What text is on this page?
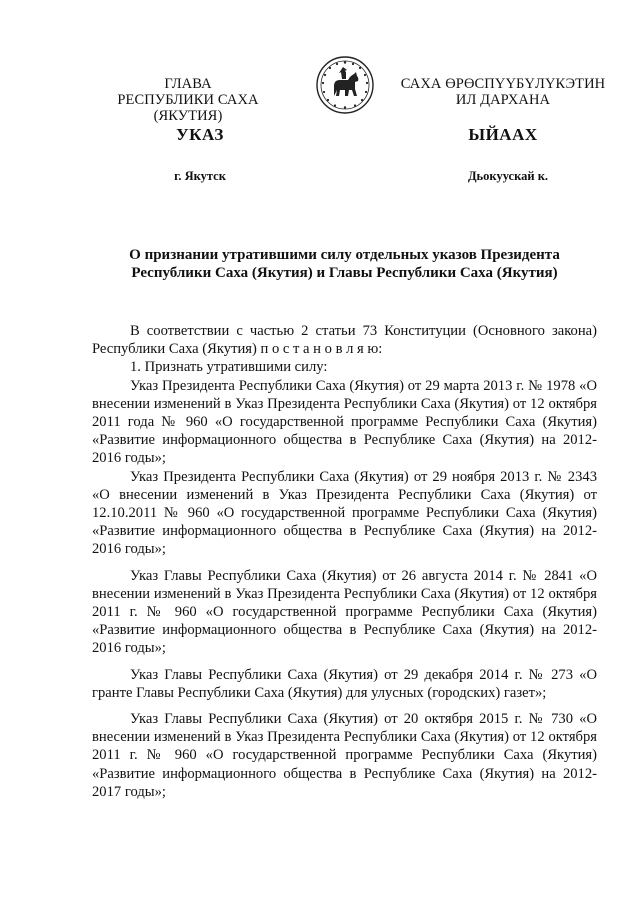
ГЛАВА
РЕСПУБЛИКИ САХА (ЯКУТИЯ)
САХА ӨРӨСПҮҮБҮЛҮКЭТИН
ИЛ ДАРХАНА
УКАЗ	ЫЙААХ
г. Якутск	Дьокуускай к.
О признании утратившими силу отдельных указов Президента
Республики Саха (Якутия) и Главы Республики Саха (Якутия)

В соответствии с частью 2 статьи 73 Конституции (Основного закона) Республики Саха (Якутия) п о с т а н о в л я ю:

1. Признать утратившими силу:

Указ Президента Республики Саха (Якутия) от 29 марта 2013 г. № 1978 «О внесении изменений в Указ Президента Республики Саха (Якутия) от 12 октября 2011 года № 960 «О государственной программе Республики Саха (Якутия) «Развитие информационного общества в Республике Саха (Якутия) на 2012-2016 годы»;

Указ Президента Республики Саха (Якутия) от 29 ноября 2013 г. № 2343 «О внесении изменений в Указ Президента Республики Саха (Якутия) от 12.10.2011 № 960 «О государственной программе Республики Саха (Якутия) «Развитие информационного общества в Республике Саха (Якутия) на 2012-2016 годы»;

Указ Главы Республики Саха (Якутия) от 26 августа 2014 г. № 2841 «О внесении изменений в Указ Президента Республики Саха (Якутия) от 12 октября 2011 г. № 960 «О государственной программе Республики Саха (Якутия) «Развитие информационного общества в Республике Саха (Якутия) на 2012-2016 годы»;

Указ Главы Республики Саха (Якутия) от 29 декабря 2014 г. № 273 «О гранте Главы Республики Саха (Якутия) для улусных (городских) газет»;

Указ Главы Республики Саха (Якутия) от 20 октября 2015 г. № 730 «О внесении изменений в Указ Президента Республики Саха (Якутия) от 12 октября 2011 г. № 960 «О государственной программе Республики Саха (Якутия) «Развитие информационного общества в Республике Саха (Якутия) на 2012-2017 годы»;
